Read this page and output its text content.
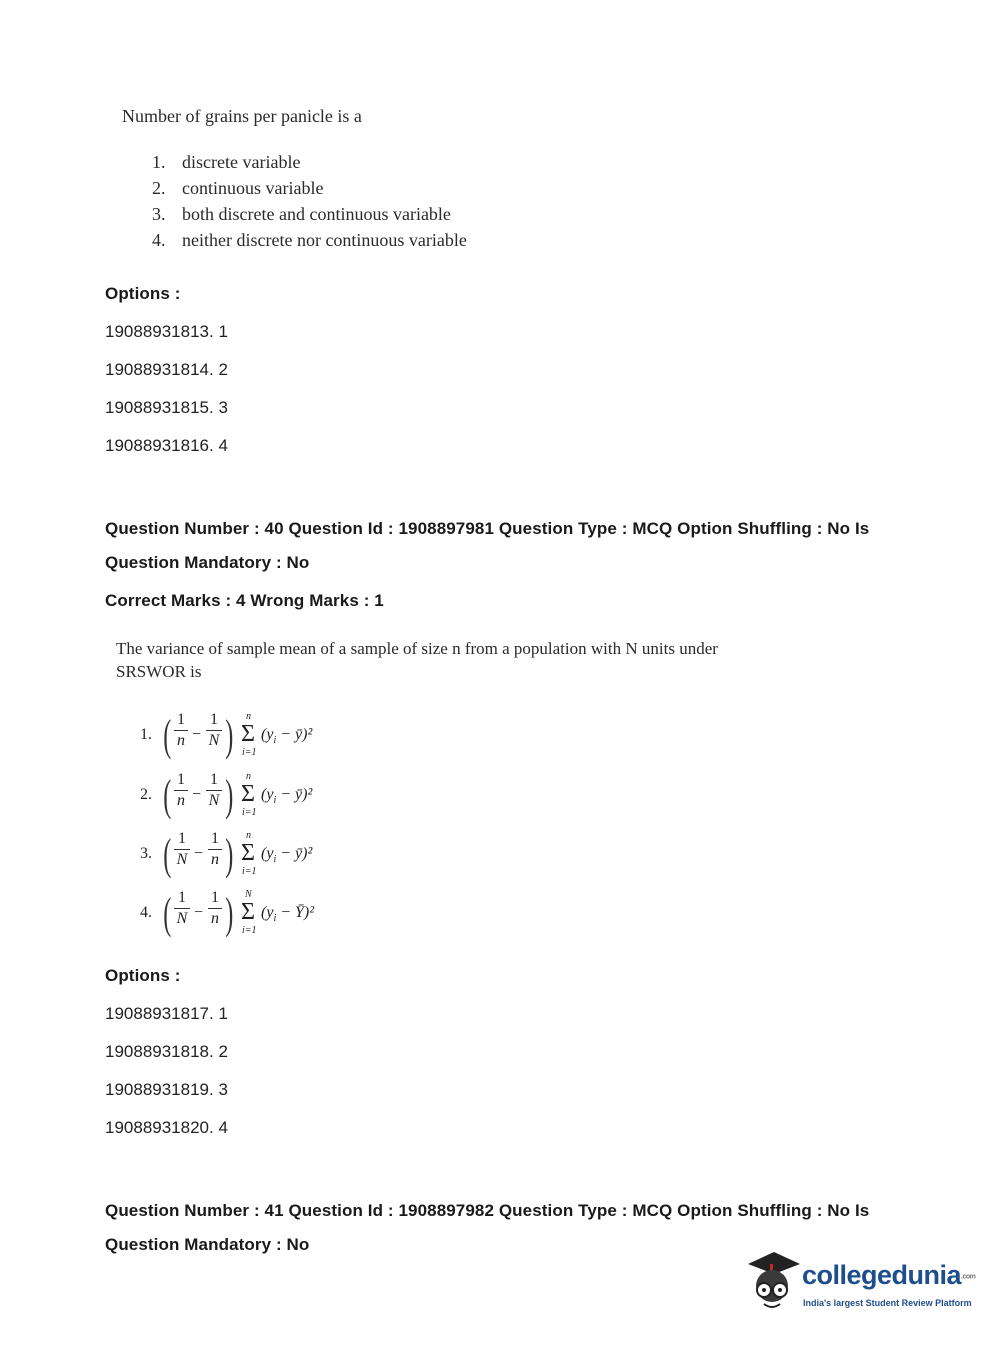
Number of grains per panicle is a
1. discrete variable
2. continuous variable
3. both discrete and continuous variable
4. neither discrete nor continuous variable
Options :
19088931813. 1
19088931814. 2
19088931815. 3
19088931816. 4
Question Number : 40 Question Id : 1908897981 Question Type : MCQ Option Shuffling : No Is
Question Mandatory : No
Correct Marks : 4 Wrong Marks : 1
The variance of sample mean of a sample of size n from a population with N units under
SRSWOR is
1. ( 1
n −
1
N ) n
Σ
i=1
($y_i$ − ȳ)²
2. ( 1
n −
1
N ) n
Σ
i=1
($y_i$ − ȳ)²
3. ( 1
N −
1
n ) n
Σ
i=1
($y_i$ − ȳ)²
4. ( 1
N −
1
n ) N
Σ
i=1
($y_i$ − Ȳ)²
Options :
19088931817. 1
19088931818. 2
19088931819. 3
19088931820. 4
Question Number : 41 Question Id : 1908897982 Question Type : MCQ Option Shuffling : No Is
Question Mandatory : No
collegedunia.com
India's largest Student Review Platform
